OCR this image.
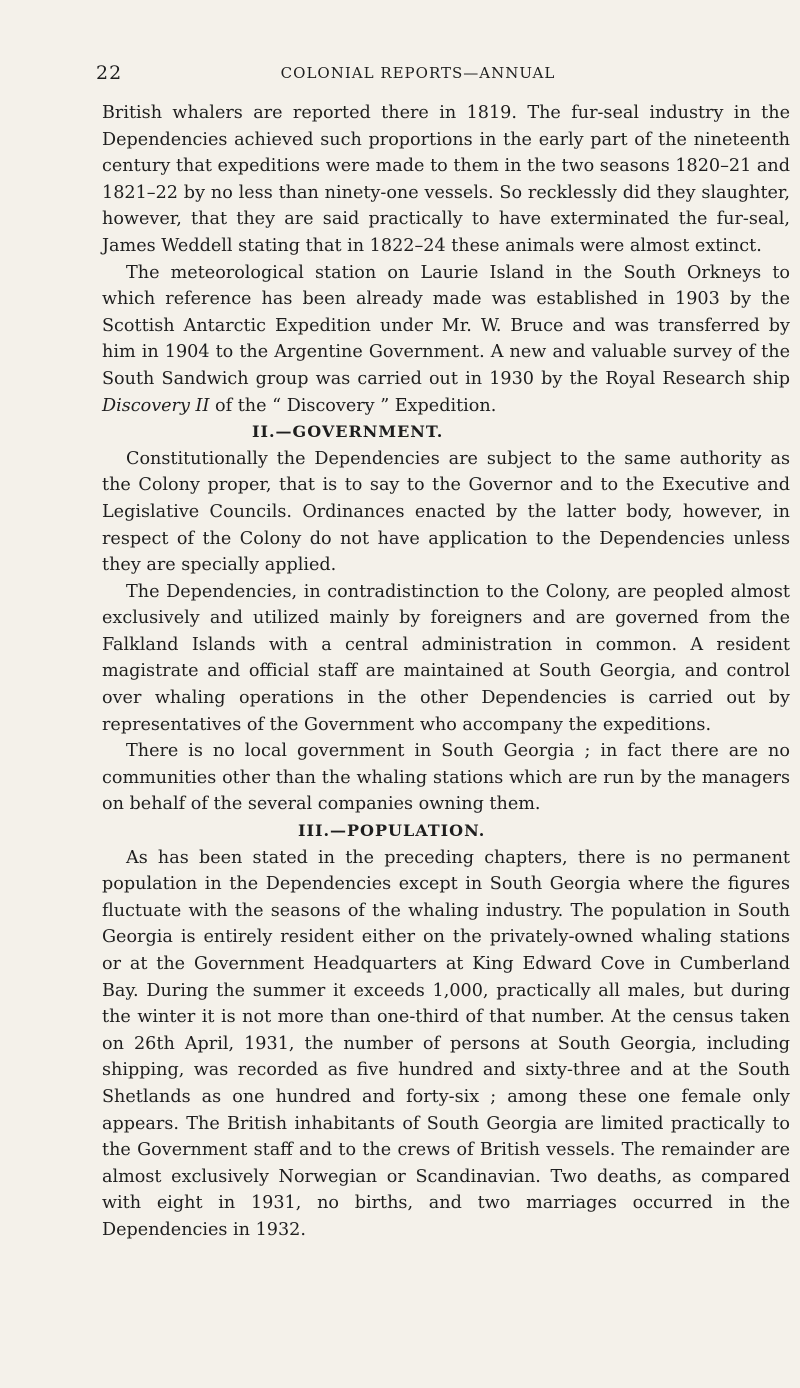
22	COLONIAL REPORTS—ANNUAL

British whalers are reported there in 1819. The fur-seal industry in the Dependencies achieved such proportions in the early part of the nineteenth century that expeditions were made to them in the two seasons 1820–21 and 1821–22 by no less than ninety-one vessels. So recklessly did they slaughter, however, that they are said practically to have exterminated the fur-seal, James Weddell stating that in 1822–24 these animals were almost extinct.

The meteorological station on Laurie Island in the South Orkneys to which reference has been already made was established in 1903 by the Scottish Antarctic Expedition under Mr. W. Bruce and was transferred by him in 1904 to the Argentine Government. A new and valuable survey of the South Sandwich group was carried out in 1930 by the Royal Research ship Discovery II of the “ Discovery ” Expedition.

II.—GOVERNMENT.

Constitutionally the Dependencies are subject to the same authority as the Colony proper, that is to say to the Governor and to the Executive and Legislative Councils. Ordinances enacted by the latter body, however, in respect of the Colony do not have application to the Dependencies unless they are specially applied.

The Dependencies, in contradistinction to the Colony, are peopled almost exclusively and utilized mainly by foreigners and are governed from the Falkland Islands with a central administration in common. A resident magistrate and official staff are maintained at South Georgia, and control over whaling operations in the other Dependencies is carried out by representatives of the Government who accompany the expeditions.

There is no local government in South Georgia ; in fact there are no communities other than the whaling stations which are run by the managers on behalf of the several companies owning them.

III.—POPULATION.

As has been stated in the preceding chapters, there is no permanent population in the Dependencies except in South Georgia where the figures fluctuate with the seasons of the whaling industry. The population in South Georgia is entirely resident either on the privately-owned whaling stations or at the Government Headquarters at King Edward Cove in Cumberland Bay. During the summer it exceeds 1,000, practically all males, but during the winter it is not more than one-third of that number. At the census taken on 26th April, 1931, the number of persons at South Georgia, including shipping, was recorded as five hundred and sixty-three and at the South Shetlands as one hundred and forty-six ; among these one female only appears. The British inhabitants of South Georgia are limited practically to the Government staff and to the crews of British vessels. The remainder are almost exclusively Norwegian or Scandinavian. Two deaths, as compared with eight in 1931, no births, and two marriages occurred in the Dependencies in 1932.
